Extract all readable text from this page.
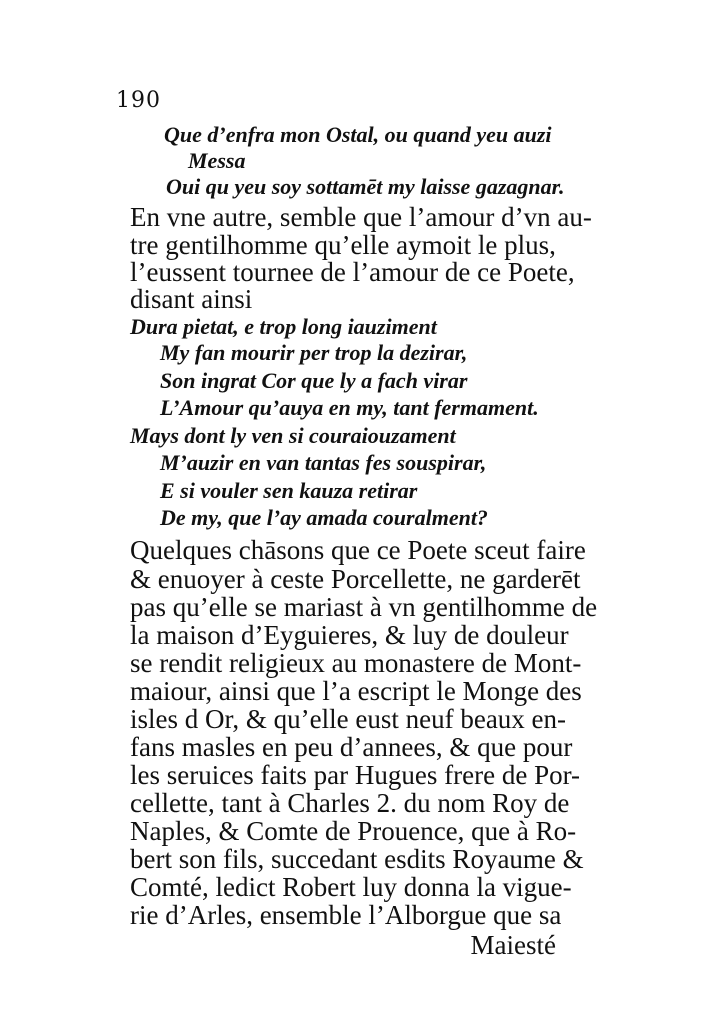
190
Que d’enfra mon Ostal, ou quand yeu auzi
Messa
Oui qu yeu soy sottamēt my laisse gazagnar.
En vne autre, semble que l’amour d’vn au-
tre gentilhomme qu’elle aymoit le plus,
l’eussent tournee de l’amour de ce Poete,
disant ainsi
Dura pietat, e trop long iauziment
My fan mourir per trop la dezirar,
Son ingrat Cor que ly a fach virar
L’Amour qu’auya en my, tant fermament.
Mays dont ly ven si couraiouzament
M’auzir en van tantas fes souspirar,
E si vouler sen kauza retirar
De my, que l’ay amada couralment?
Quelques chāsons que ce Poete sceut faire
& enuoyer à ceste Porcellette, ne garderēt
pas qu’elle se mariast à vn gentilhomme de
la maison d’Eyguieres, & luy de douleur
se rendit religieux au monastere de Mont-
maiour, ainsi que l’a escript le Monge des
isles d Or, & qu’elle eust neuf beaux en-
fans masles en peu d’annees, & que pour
les seruices faits par Hugues frere de Por-
cellette, tant à Charles 2. du nom Roy de
Naples, & Comte de Prouence, que à Ro-
bert son fils, succedant esdits Royaume &
Comté, ledict Robert luy donna la vigue-
rie d’Arles, ensemble l’Alborgue que sa
Maiesté
